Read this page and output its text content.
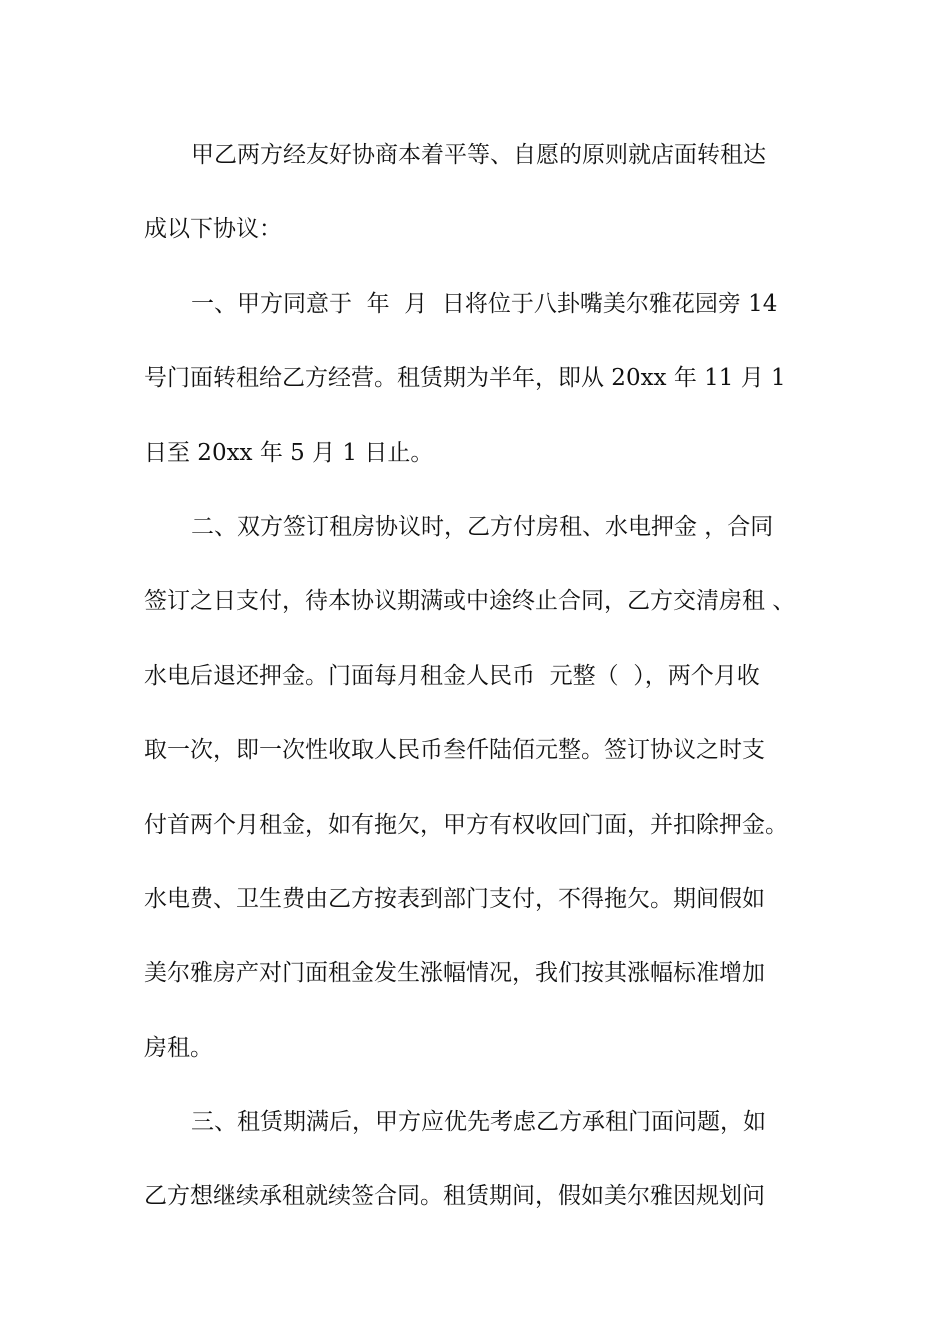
甲乙两方经友好协商本着平等、自愿的原则就店面转租达
成以下协议：
一、甲方同意于  年  月  日将位于八卦嘴美尔雅花园旁 14
号门面转租给乙方经营。租赁期为半年，即从 20xx 年 11 月 1
日至 20xx 年 5 月 1 日止。
二、双方签订租房协议时，乙方付房租、水电押金 ，合同
签订之日支付，待本协议期满或中途终止合同，乙方交清房租 、
水电后退还押金。门面每月租金人民币  元整（  ），两个月收
取一次，即一次性收取人民币叁仟陆佰元整。签订协议之时支
付首两个月租金，如有拖欠，甲方有权收回门面，并扣除押金。
水电费、卫生费由乙方按表到部门支付，不得拖欠。期间假如
美尔雅房产对门面租金发生涨幅情况，我们按其涨幅标准增加
房租。
三、租赁期满后，甲方应优先考虑乙方承租门面问题，如
乙方想继续承租就续签合同。租赁期间，假如美尔雅因规划问
